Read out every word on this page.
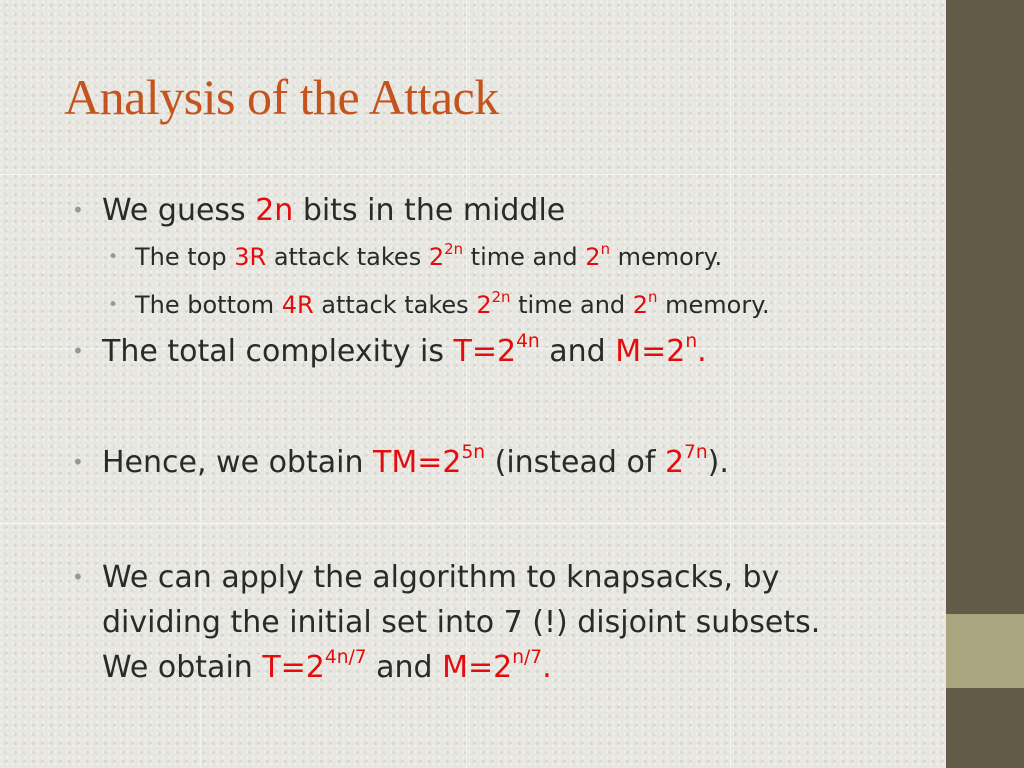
Analysis of the Attack
• We guess 2n bits in the middle
• The top 3R attack takes $2^{2n}$ time and 2$^n$ memory.
• The bottom 4R attack takes $2^{2n}$ time and 2$^n$ memory.
• The total complexity is $T=2^{4n}$ and $M=2^n$.
• Hence, we obtain $TM=2^{5n}$ (instead of $2^{7n}$).
• We can apply the algorithm to knapsacks, by
dividing the initial set into 7 (!) disjoint subsets.
We obtain $T=2^{4n/7}$ and $M=2^{n/7}$.
